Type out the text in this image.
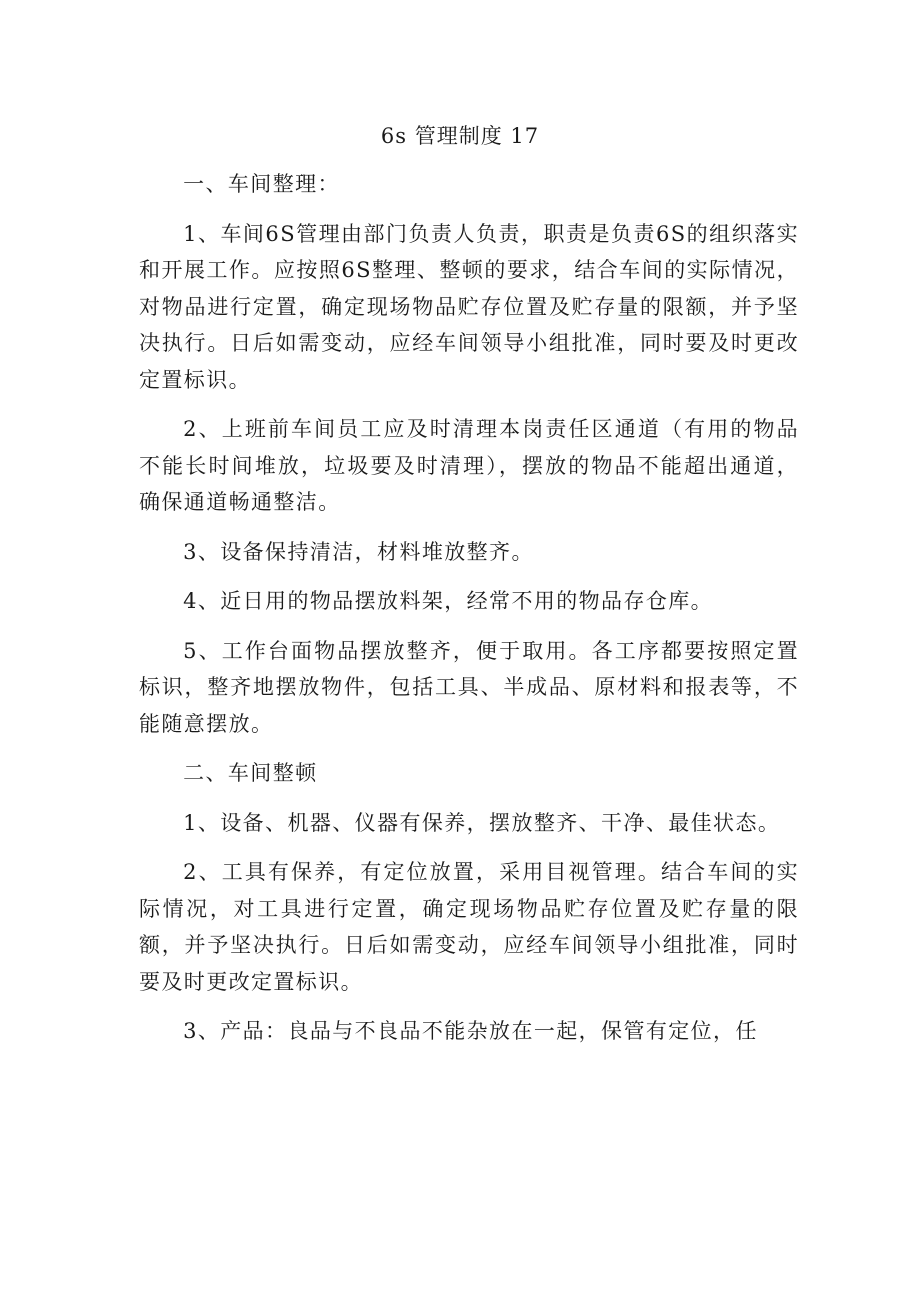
6s 管理制度 17

一、车间整理：

1、车间6S管理由部门负责人负责，职责是负责6S的组织落实和开展工作。应按照6S整理、整顿的要求，结合车间的实际情况，对物品进行定置，确定现场物品贮存位置及贮存量的限额，并予坚决执行。日后如需变动，应经车间领导小组批准，同时要及时更改定置标识。

2、上班前车间员工应及时清理本岗责任区通道（有用的物品不能长时间堆放，垃圾要及时清理），摆放的物品不能超出通道，确保通道畅通整洁。

3、设备保持清洁，材料堆放整齐。

4、近日用的物品摆放料架，经常不用的物品存仓库。

5、工作台面物品摆放整齐，便于取用。各工序都要按照定置标识，整齐地摆放物件，包括工具、半成品、原材料和报表等，不能随意摆放。

二、车间整顿

1、设备、机器、仪器有保养，摆放整齐、干净、最佳状态。

2、工具有保养，有定位放置，采用目视管理。结合车间的实际情况，对工具进行定置，确定现场物品贮存位置及贮存量的限额，并予坚决执行。日后如需变动，应经车间领导小组批准，同时要及时更改定置标识。

3、产品：良品与不良品不能杂放在一起，保管有定位，任
